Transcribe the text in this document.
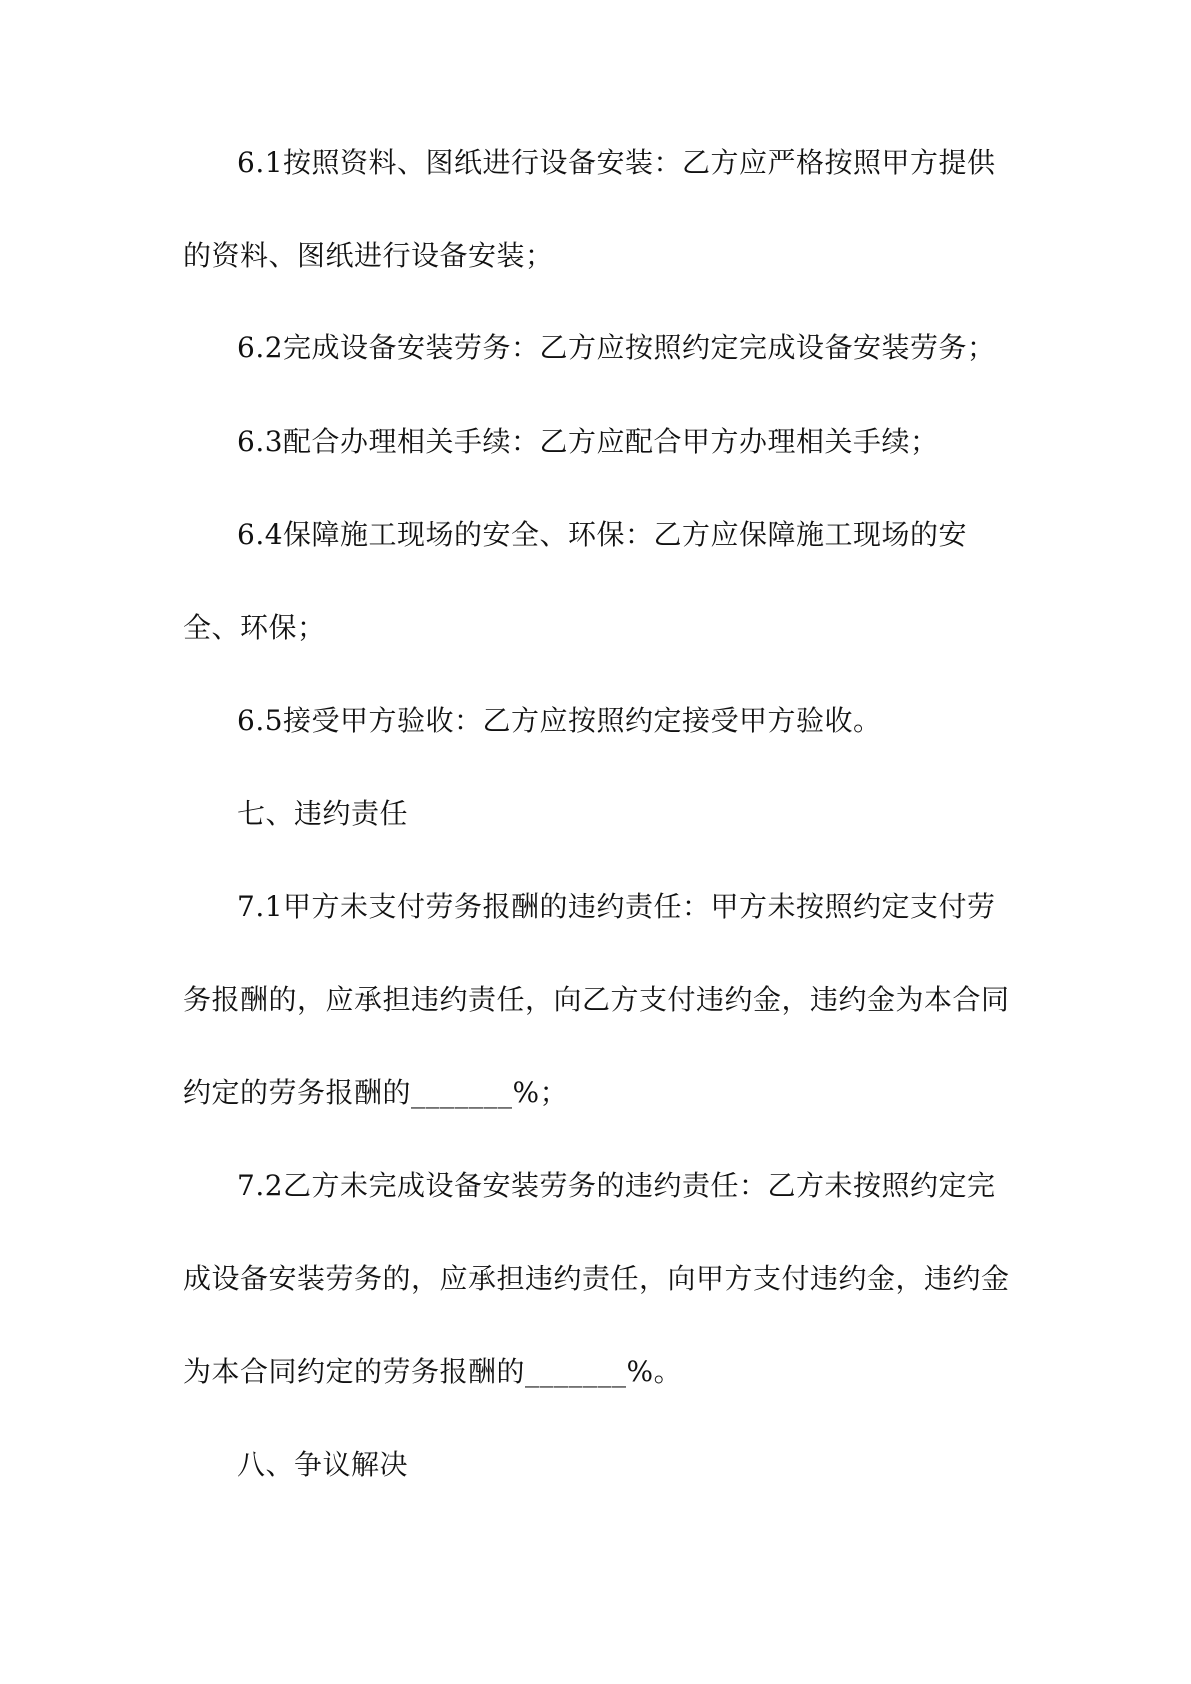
6.1按照资料、图纸进行设备安装：乙方应严格按照甲方提供
的资料、图纸进行设备安装；
6.2完成设备安装劳务：乙方应按照约定完成设备安装劳务；
6.3配合办理相关手续：乙方应配合甲方办理相关手续；
6.4保障施工现场的安全、环保：乙方应保障施工现场的安
全、环保；
6.5接受甲方验收：乙方应按照约定接受甲方验收。
七、违约责任
7.1甲方未支付劳务报酬的违约责任：甲方未按照约定支付劳
务报酬的，应承担违约责任，向乙方支付违约金，违约金为本合同
约定的劳务报酬的_______%；
7.2乙方未完成设备安装劳务的违约责任：乙方未按照约定完
成设备安装劳务的，应承担违约责任，向甲方支付违约金，违约金
为本合同约定的劳务报酬的_______%。
八、争议解决
